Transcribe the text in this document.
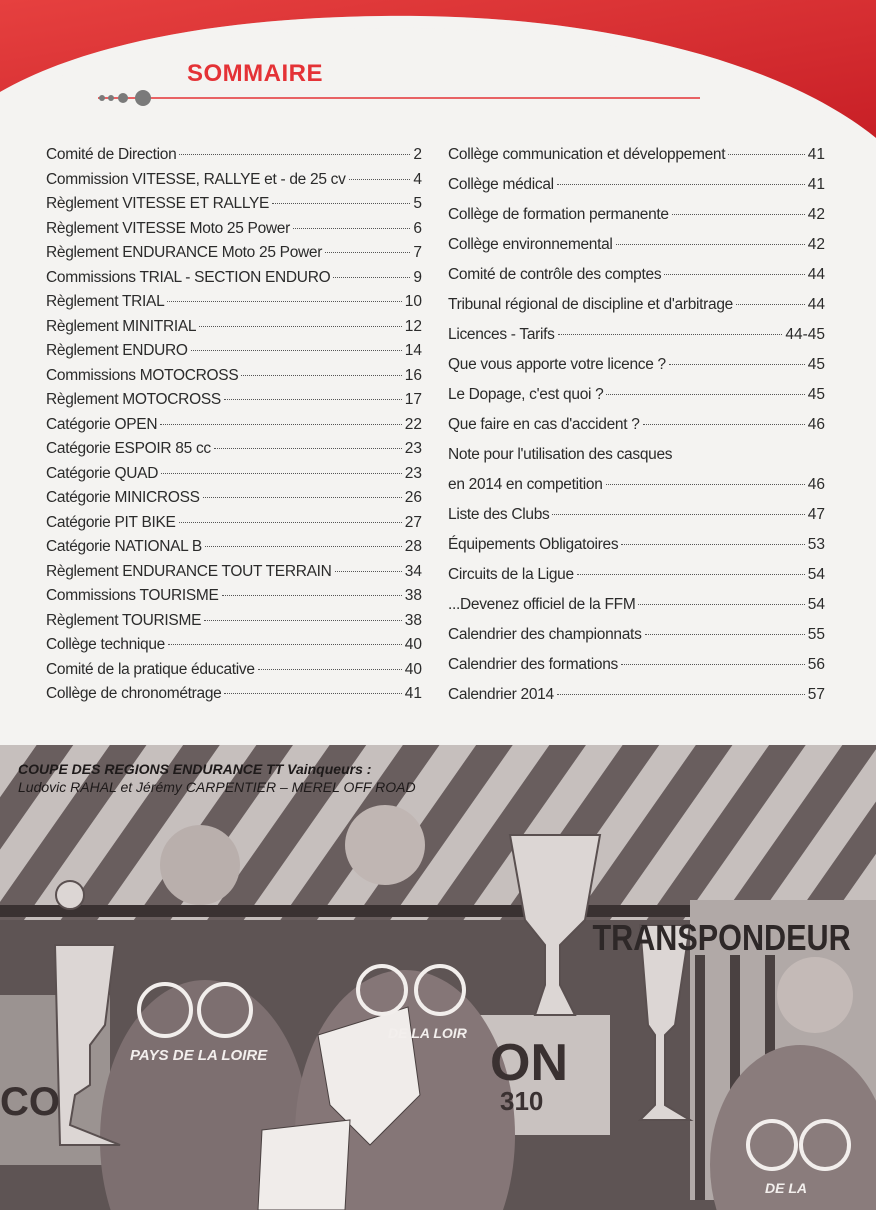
SOMMAIRE
Comité de Direction	2
Commission VITESSE, RALLYE et - de 25 cv	4
Règlement VITESSE ET RALLYE	5
Règlement VITESSE Moto 25 Power	6
Règlement ENDURANCE Moto 25 Power	7
Commissions TRIAL - SECTION ENDURO	9
Règlement TRIAL	10
Règlement MINITRIAL	12
Règlement ENDURO	14
Commissions MOTOCROSS	16
Règlement MOTOCROSS	17
Catégorie OPEN	22
Catégorie ESPOIR 85 cc	23
Catégorie QUAD	23
Catégorie MINICROSS	26
Catégorie PIT BIKE	27
Catégorie NATIONAL B	28
Règlement ENDURANCE TOUT TERRAIN	34
Commissions TOURISME	38
Règlement TOURISME	38
Collège technique	40
Comité de la pratique éducative	40
Collège de chronométrage	41
Collège communication et développement	41
Collège médical	41
Collège de formation permanente	42
Collège environnemental	42
Comité de contrôle des comptes	44
Tribunal régional de discipline et d'arbitrage	44
Licences - Tarifs	44-45
Que vous apporte votre licence ?	45
Le Dopage, c'est quoi ?	45
Que faire en cas d'accident ?	46
Note pour l'utilisation des casques
en 2014 en competition	46
Liste des Clubs	47
Équipements Obligatoires	53
Circuits de la Ligue	54
...Devenez officiel de la FFM	54
Calendrier des championnats	55
Calendrier des formations	56
Calendrier 2014	57
TRANSPONDEUR
ON
310
CO
PAYS DE LA LOIRE
DE LA LOIR
DE LA
COUPE DES REGIONS ENDURANCE TT Vainqueurs :
Ludovic RAHAL et Jérémy CARPENTIER – MEREL OFF ROAD
